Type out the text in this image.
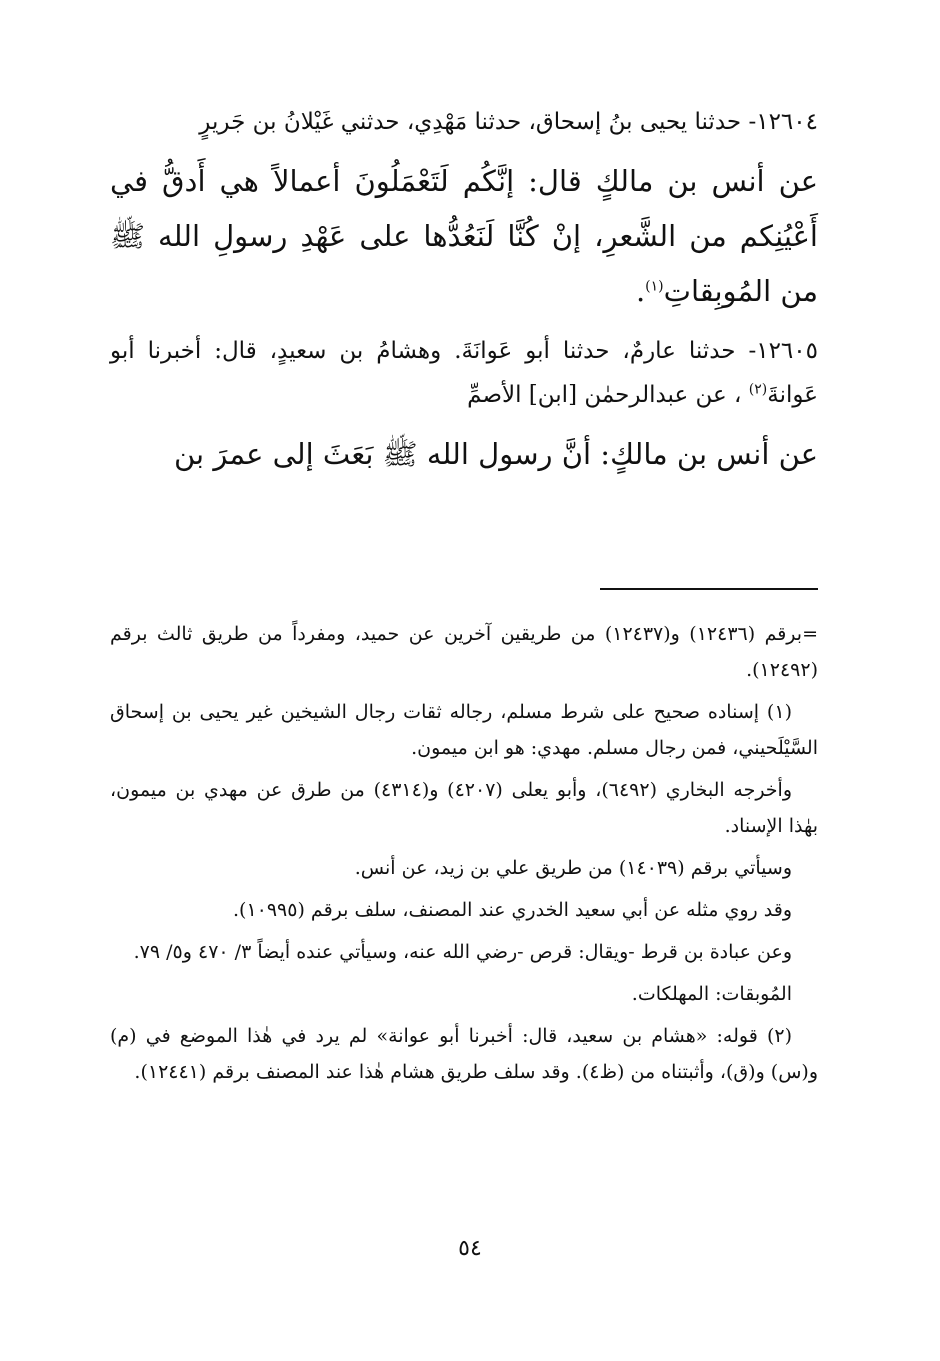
١٢٦٠٤- حدثنا يحيى بنُ إسحاق، حدثنا مَهْدِي، حدثني غَيْلانُ بن جَريرٍ

عن أنس بن مالكٍ قال: إنَّكُم لَتَعْمَلُونَ أعمالاً هي أَدقُّ في أَعْيُنِكم من الشَّعرِ، إنْ كُنَّا لَنَعُدُّها على عَهْدِ رسولِ الله ﷺ من المُوبِقاتِ$^{(١)}$.

١٢٦٠٥- حدثنا عارمٌ، حدثنا أبو عَوانَةَ. وهشامُ بن سعيدٍ، قال: أخبرنا أبو عَوانةَ$^{(٢)}$ ، عن عبدالرحمٰن [ابن] الأصمِّ

عن أنس بن مالكٍ: أنَّ رسول الله ﷺ بَعَثَ إلى عمرَ بن

=برقم (١٢٤٣٦) و(١٢٤٣٧) من طريقين آخرين عن حميد، ومفرداً من طريق ثالث برقم (١٢٤٩٢).

(١) إسناده صحيح على شرط مسلم، رجاله ثقات رجال الشيخين غير يحيى بن إسحاق السَّيْلَحيني، فمن رجال مسلم. مهدي: هو ابن ميمون.

وأخرجه البخاري (٦٤٩٢)، وأبو يعلى (٤٢٠٧) و(٤٣١٤) من طرق عن مهدي بن ميمون، بهٰذا الإسناد.

وسيأتي برقم (١٤٠٣٩) من طريق علي بن زيد، عن أنس.

وقد روي مثله عن أبي سعيد الخدري عند المصنف، سلف برقم (١٠٩٩٥).

وعن عبادة بن قرط -ويقال: قرص -رضي الله عنه، وسيأتي عنده أيضاً ٣/ ٤٧٠ و٥/ ٧٩.

المُوبقات: المهلكات.

(٢) قوله: «هشام بن سعيد، قال: أخبرنا أبو عوانة» لم يرد في هٰذا الموضع في (م) و(س) و(ق)، وأثبتناه من (ظ٤). وقد سلف طريق هشام هٰذا عند المصنف برقم (١٢٤٤١).

٥٤
